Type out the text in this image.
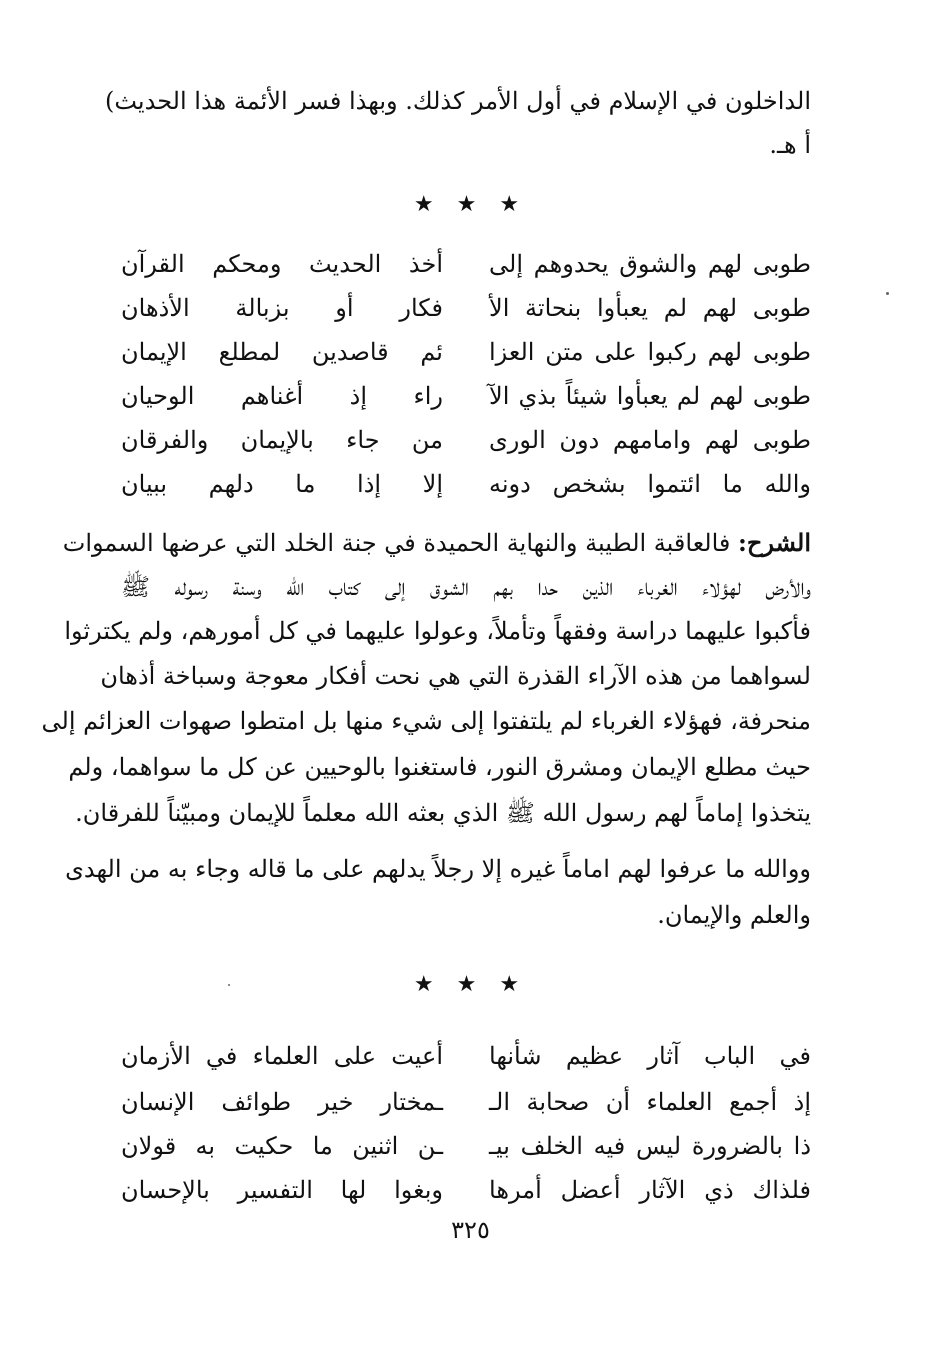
الداخلون في الإسلام في أول الأمر كذلك. وبهذا فسر الأئمة هذا الحديث)
أ هـ.
★ ★ ★
طوبى لهم والشوق يحدوهم إلى
أخذ الحديث ومحكم القرآن
طوبى لهم لم يعبأوا بنحاتة الأ
فكار أو بزبالة الأذهان
طوبى لهم ركبوا على متن العزا
ئم قاصدين لمطلع الإيمان
طوبى لهم لم يعبأوا شيئاً بذي الآ
راء إذ أغناهم الوحيان
طوبى لهم وامامهم دون الورى
من جاء بالإيمان والفرقان
والله ما ائتموا بشخص دونه
إلا إذا ما دلهم ببيان
الشرح: فالعاقبة الطيبة والنهاية الحميدة في جنة الخلد التي عرضها السموات
والأرض لهؤلاء الغرباء الذين حدا بهم الشوق إلى كتاب الله وسنة رسوله ﷺ
فأكبوا عليهما دراسة وفقهاً وتأملاً، وعولوا عليهما في كل أمورهم، ولم يكترثوا
لسواهما من هذه الآراء القذرة التي هي نحت أفكار معوجة وسباخة أذهان
منحرفة، فهؤلاء الغرباء لم يلتفتوا إلى شيء منها بل امتطوا صهوات العزائم إلى
حيث مطلع الإيمان ومشرق النور، فاستغنوا بالوحيين عن كل ما سواهما، ولم
يتخذوا إماماً لهم رسول الله ﷺ الذي بعثه الله معلماً للإيمان ومبيّناً للفرقان.
ووالله ما عرفوا لهم اماماً غيره إلا رجلاً يدلهم على ما قاله وجاء به من الهدى
والعلم والإيمان.
★ ★ ★
في الباب آثار عظيم شأنها
أعيت على العلماء في الأزمان
إذ أجمع العلماء أن صحابة الـ
ـمختار خير طوائف الإنسان
ذا بالضرورة ليس فيه الخلف بيـ
ـن اثنين ما حكيت به قولان
فلذاك ذي الآثار أعضل أمرها
وبغوا لها التفسير بالإحسان
٣٢٥
